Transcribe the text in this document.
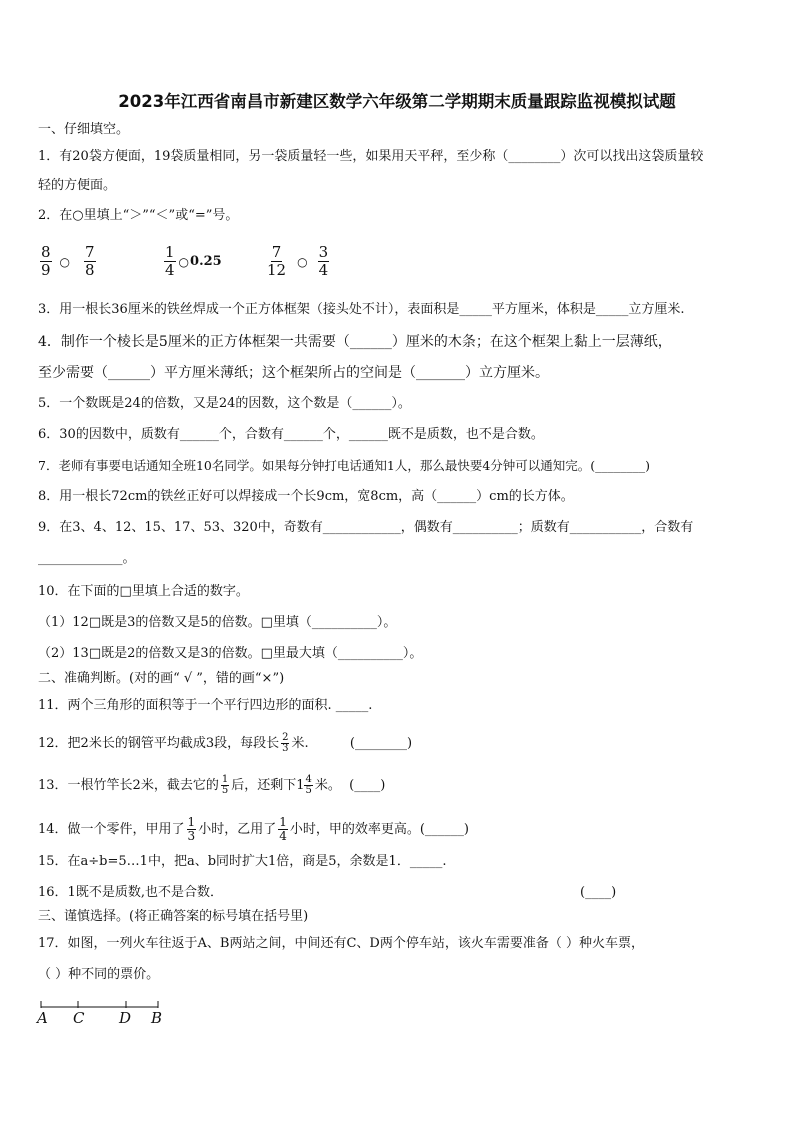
2023年江西省南昌市新建区数学六年级第二学期期末质量跟踪监视模拟试题
一、仔细填空。
1．有20袋方便面，19袋质量相同，另一袋质量轻一些，如果用天平秤，至少称（________）次可以找出这袋质量较
轻的方便面。
2．在○里填上“＞”“＜”或“=”号。
$\frac{8}{9}$ ○ $\frac{7}{8}$	$\frac{1}{4}$ ○ 0.25	$\frac{7}{12}$ ○ $\frac{3}{4}$
3．用一根长36厘米的铁丝焊成一个正方体框架（接头处不计），表面积是_____平方厘米，体积是_____立方厘米.
4．制作一个棱长是5厘米的正方体框架一共需要（______）厘米的木条；在这个框架上黏上一层薄纸，
至少需要（______）平方厘米薄纸；这个框架所占的空间是（_______）立方厘米。
5．一个数既是24的倍数，又是24的因数，这个数是（______）。
6．30的因数中，质数有______个，合数有______个，______既不是质数，也不是合数。
7．老师有事要电话通知全班10名同学。如果每分钟打电话通知1人，那么最快要4分钟可以通知完。(________)
8．用一根长72cm的铁丝正好可以焊接成一个长9cm，宽8cm，高（______）cm的长方体。
9．在3、4、12、15、17、53、320中，奇数有____________，偶数有__________；质数有___________，合数有
_____________。
10．在下面的□里填上合适的数字。
（1）12□既是3的倍数又是5的倍数。□里填（__________）。
（2）13□既是2的倍数又是3的倍数。□里最大填（__________）。
二、准确判断。(对的画“ √ ”，错的画“×”)
11．两个三角形的面积等于一个平行四边形的面积. _____.
12．把2米长的钢管平均截成3段，每段长 $\frac{2}{3}$ 米.          (________)
13．一根竹竿长2米，截去它的 $\frac{1}{5}$ 后，还剩下$1 \frac{4}{5}$ 米。  (____)
14．做一个零件，甲用了 $\frac{1}{3}$ 小时，乙用了 $\frac{1}{4}$ 小时，甲的效率更高。(______)
15．在a÷b=5…1中，把a、b同时扩大1倍，商是5，余数是1．_____.
16．1既不是质数,也不是合数．	(____)
三、谨慎选择。(将正确答案的标号填在括号里)
17．如图，一列火车往返于A、B两站之间，中间还有C、D两个停车站，该火车需要准备（ ）种火车票，
（ ）种不同的票价。
A C D B
